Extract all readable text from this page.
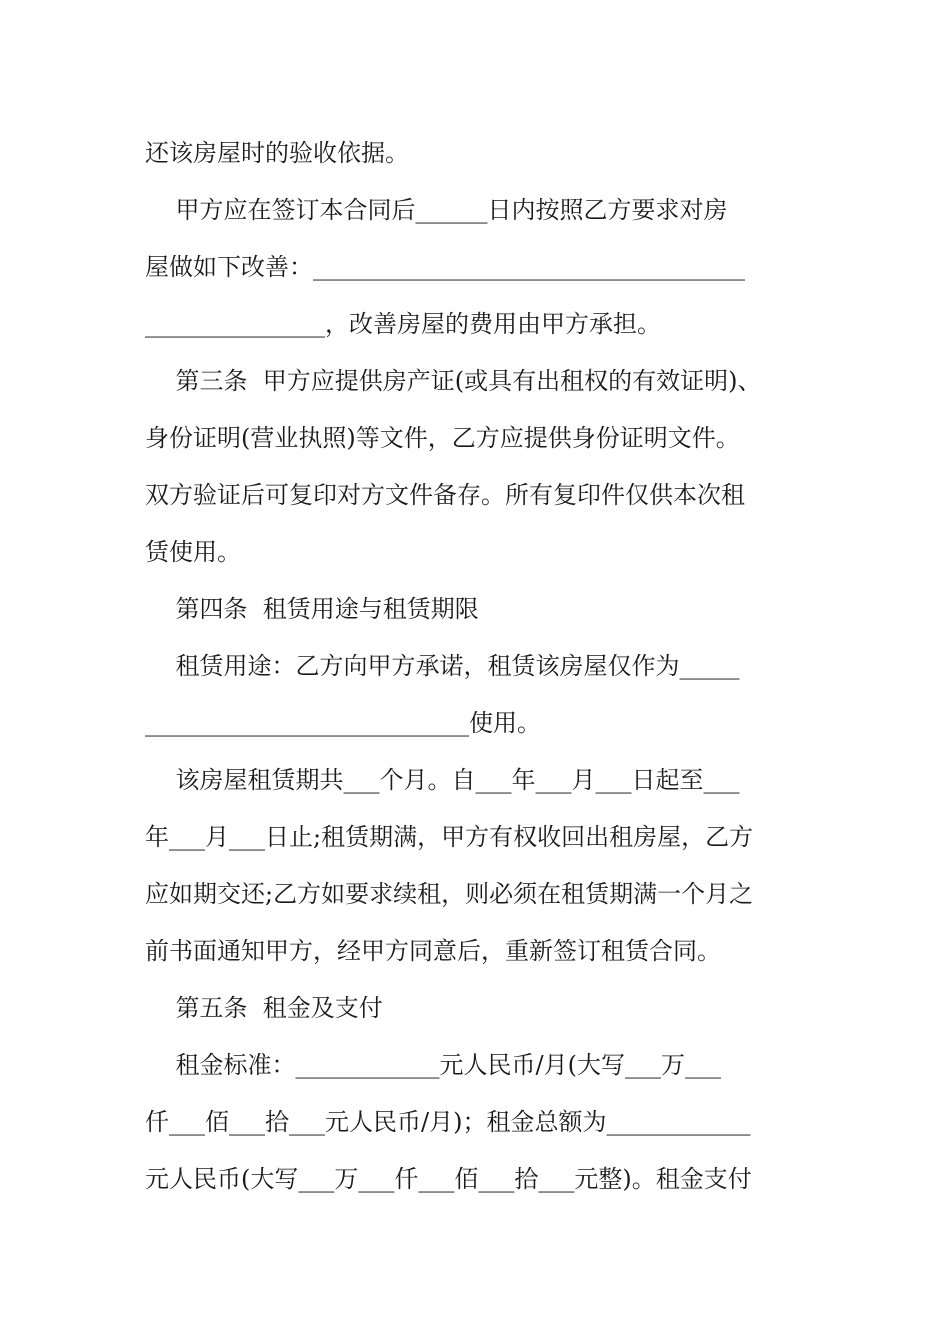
还该房屋时的验收依据。

甲方应在签订本合同后______日内按照乙方要求对房

屋做如下改善：____________________________________

_______________，改善房屋的费用由甲方承担。

第三条  甲方应提供房产证(或具有出租权的有效证明)、

身份证明(营业执照)等文件，乙方应提供身份证明文件。

双方验证后可复印对方文件备存。所有复印件仅供本次租

赁使用。

第四条  租赁用途与租赁期限

租赁用途：乙方向甲方承诺，租赁该房屋仅作为_____

___________________________使用。

该房屋租赁期共___个月。自___年___月___日起至___

年___月___日止;租赁期满，甲方有权收回出租房屋，乙方

应如期交还;乙方如要求续租，则必须在租赁期满一个月之

前书面通知甲方，经甲方同意后，重新签订租赁合同。

第五条  租金及支付

租金标准：____________元人民币/月(大写___万___

仟___佰___拾___元人民币/月)；租金总额为____________

元人民币(大写___万___仟___佰___拾___元整)。租金支付
